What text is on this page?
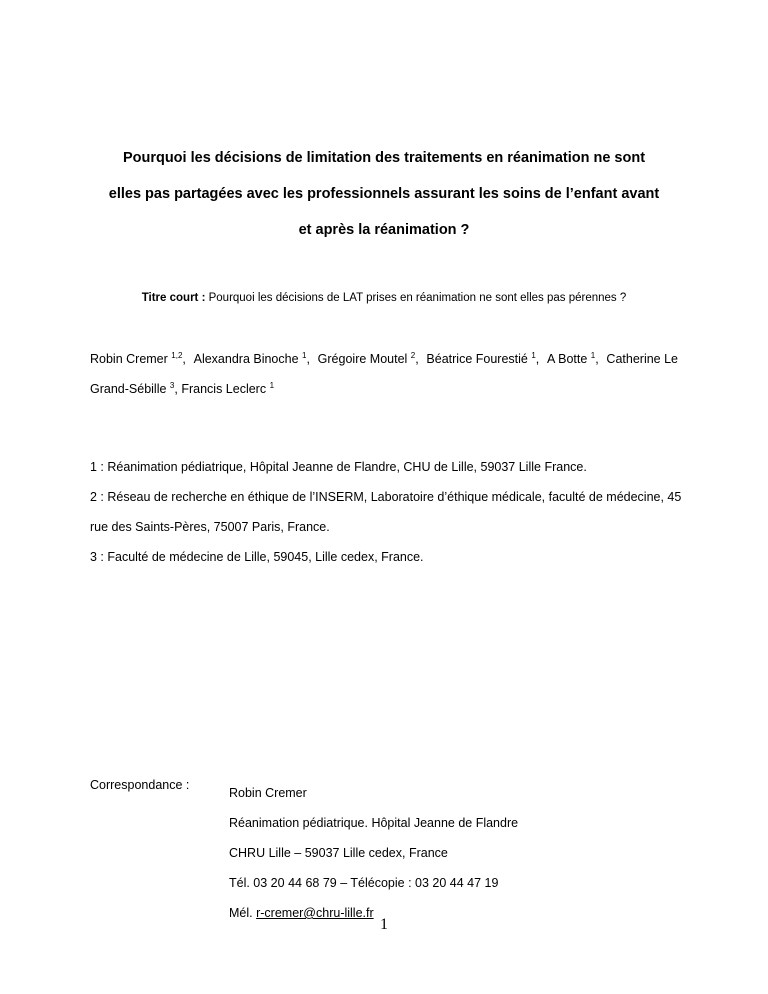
Pourquoi les décisions de limitation des traitements en réanimation ne sont
elles pas partagées avec les professionnels assurant les soins de l’enfant avant
et après la réanimation ?
Titre court : Pourquoi les décisions de LAT prises en réanimation ne sont elles pas pérennes ?
Robin Cremer $^{1,2}$, Alexandra Binoche $^1$, Grégoire Moutel $^2$, Béatrice Fourestié $^1$, A Botte $^1$, Catherine Le
Grand-Sébille $^3$, Francis Leclerc $^1$
1 : Réanimation pédiatrique, Hôpital Jeanne de Flandre, CHU de Lille, 59037 Lille France.
2 : Réseau de recherche en éthique de l’INSERM, Laboratoire d’éthique médicale, faculté de médecine, 45
rue des Saints-Pères, 75007 Paris, France.
3 : Faculté de médecine de Lille, 59045, Lille cedex, France.
Correspondance :
Robin Cremer
Réanimation pédiatrique. Hôpital Jeanne de Flandre
CHRU Lille – 59037 Lille cedex, France
Tél. 03 20 44 68 79 – Télécopie : 03 20 44 47 19
Mél. r-cremer@chru-lille.fr
1
